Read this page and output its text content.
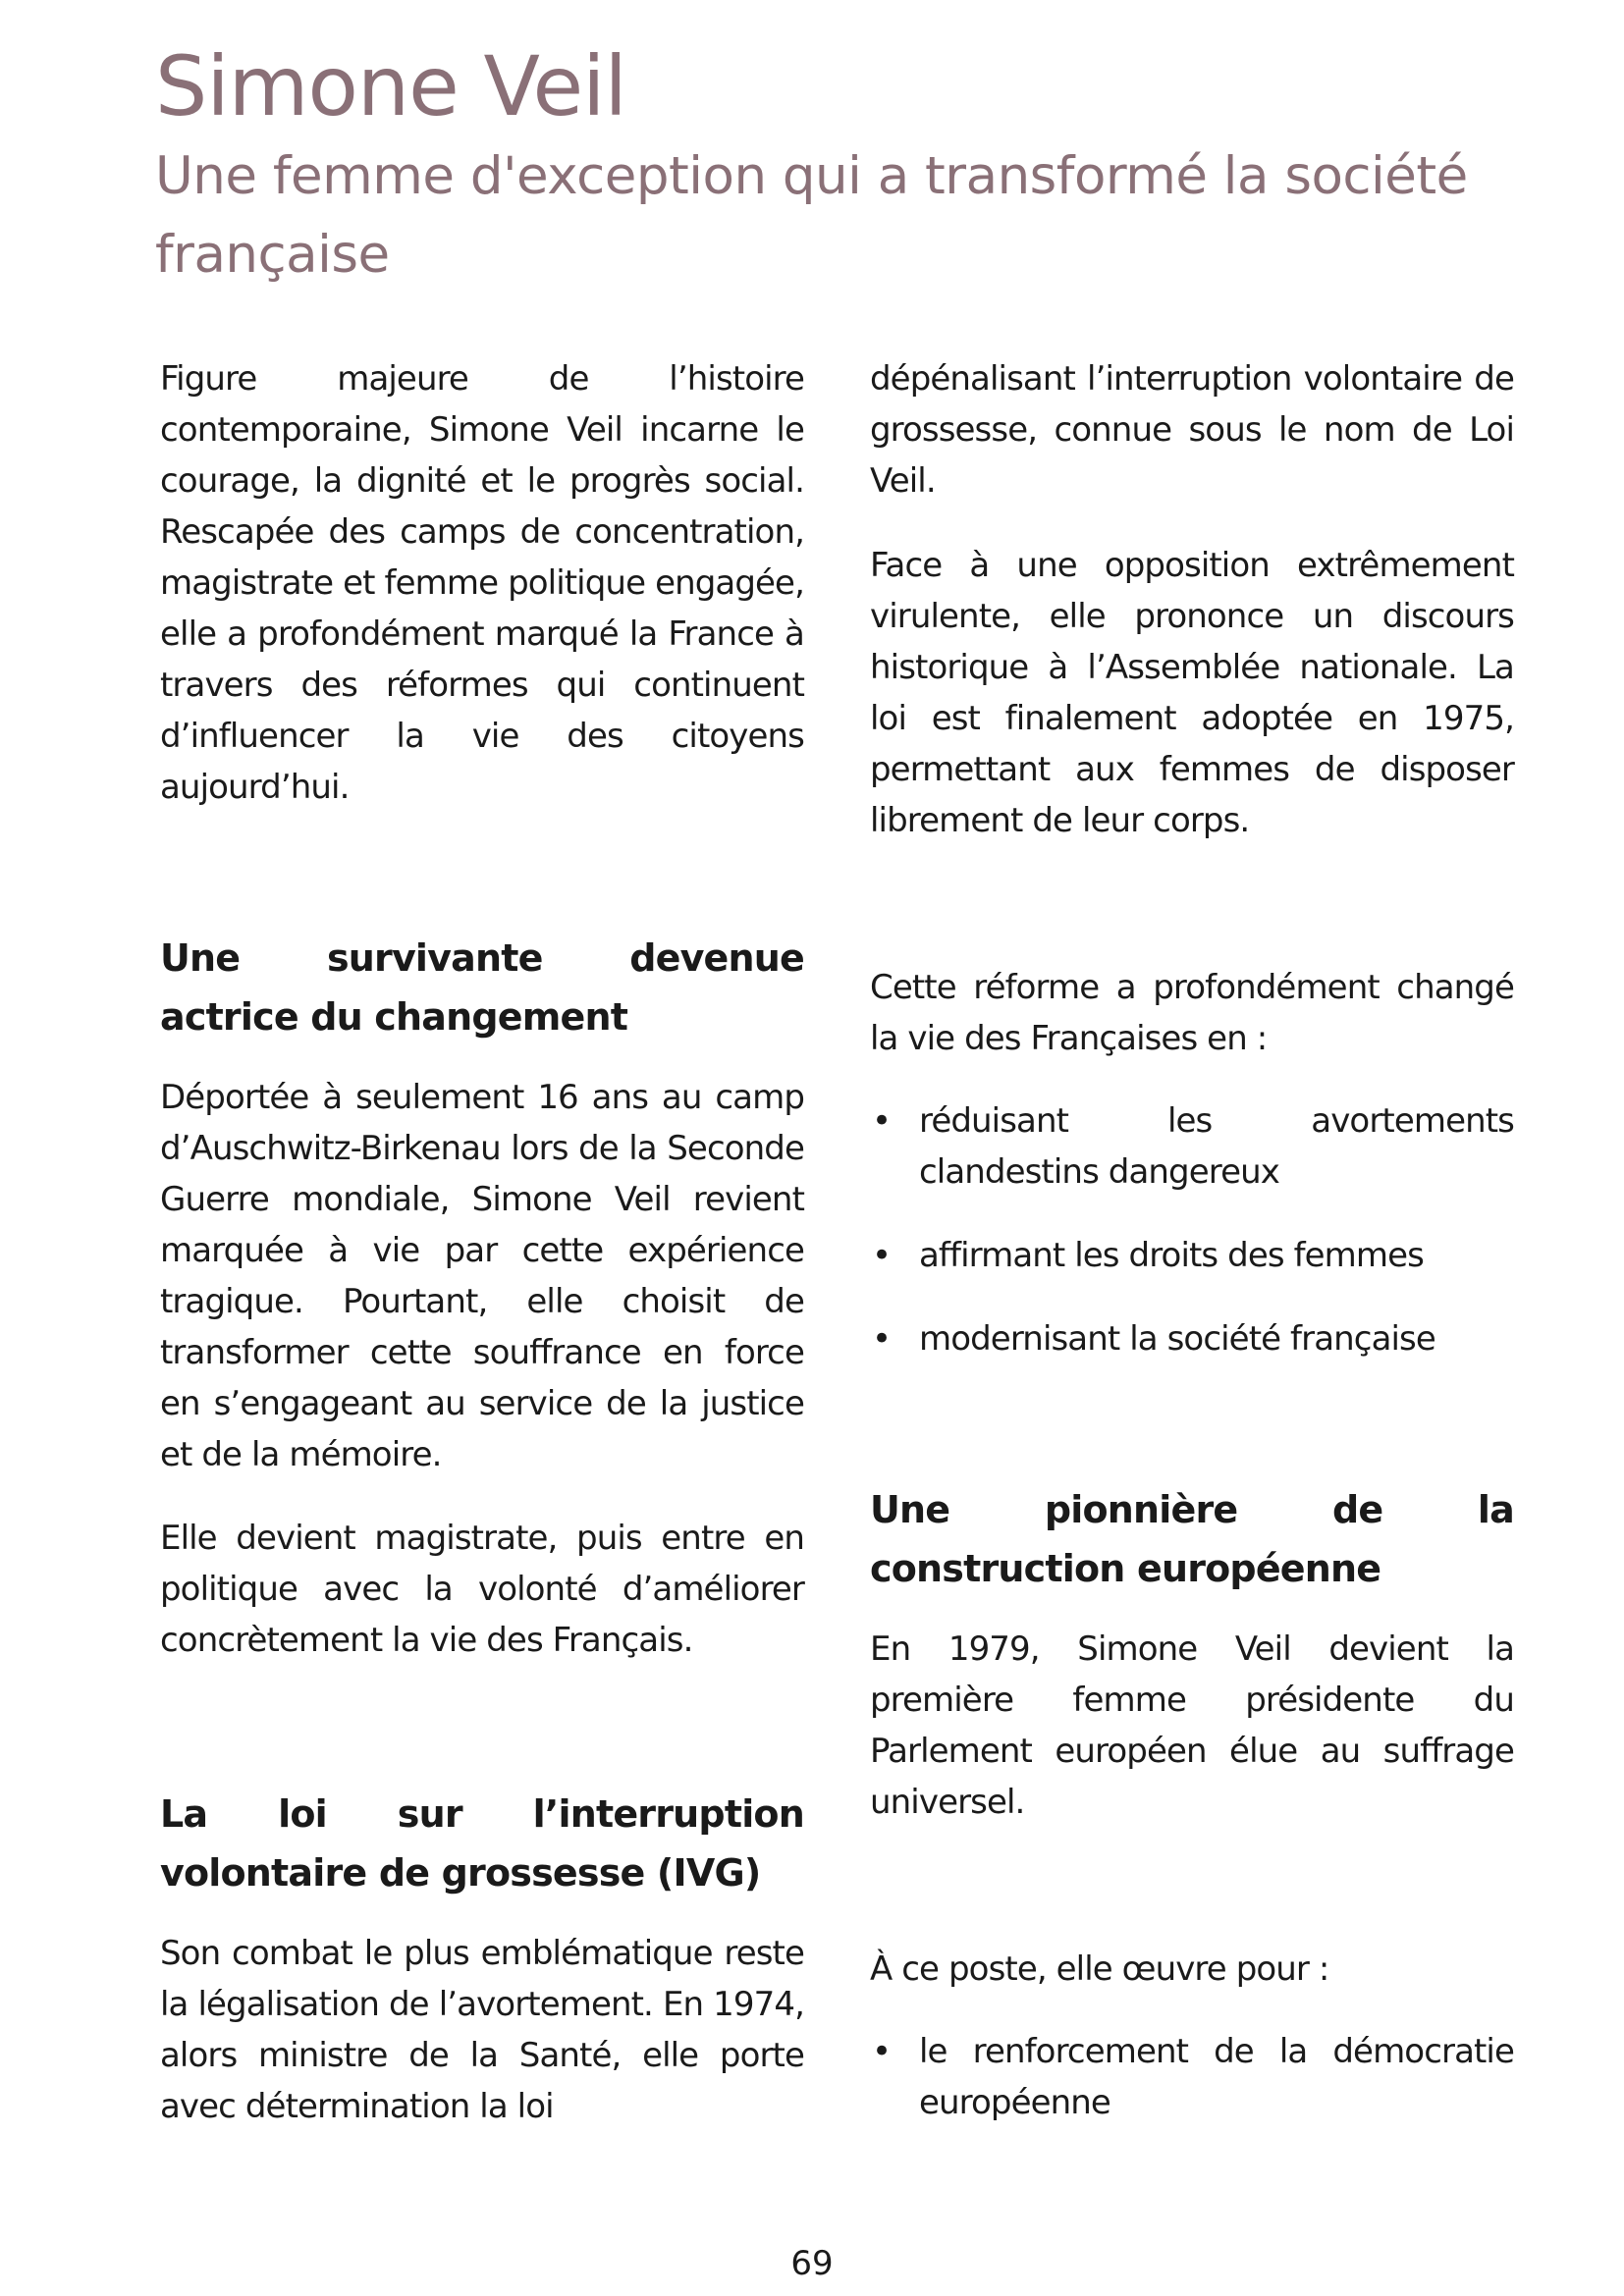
Simone Veil
Une femme d'exception qui a transformé la société française

Figure majeure de l’histoire contemporaine, Simone Veil incarne le courage, la dignité et le progrès social. Rescapée des camps de concentration, magistrate et femme politique engagée, elle a profondément marqué la France à travers des réformes qui continuent d’influencer la vie des citoyens aujourd’hui.

Une survivante devenue actrice du changement

Déportée à seulement 16 ans au camp d’Auschwitz-Birkenau lors de la Seconde Guerre mondiale, Simone Veil revient marquée à vie par cette expérience tragique. Pourtant, elle choisit de transformer cette souffrance en force en s’engageant au service de la justice et de la mémoire.

Elle devient magistrate, puis entre en politique avec la volonté d’améliorer concrètement la vie des Français.

La loi sur l’interruption volontaire de grossesse (IVG)

Son combat le plus emblématique reste la légalisation de l’avortement. En 1974, alors ministre de la Santé, elle porte avec détermination la loi

dépénalisant l’interruption volontaire de grossesse, connue sous le nom de Loi Veil.

Face à une opposition extrêmement virulente, elle prononce un discours historique à l’Assemblée nationale. La loi est finalement adoptée en 1975, permettant aux femmes de disposer librement de leur corps.

Cette réforme a profondément changé la vie des Françaises en :

• réduisant les avortements clandestins dangereux
• affirmant les droits des femmes
• modernisant la société française
Une pionnière de la construction européenne

En 1979, Simone Veil devient la première femme présidente du Parlement européen élue au suffrage universel.

À ce poste, elle œuvre pour :

• le renforcement de la démocratie européenne
69
